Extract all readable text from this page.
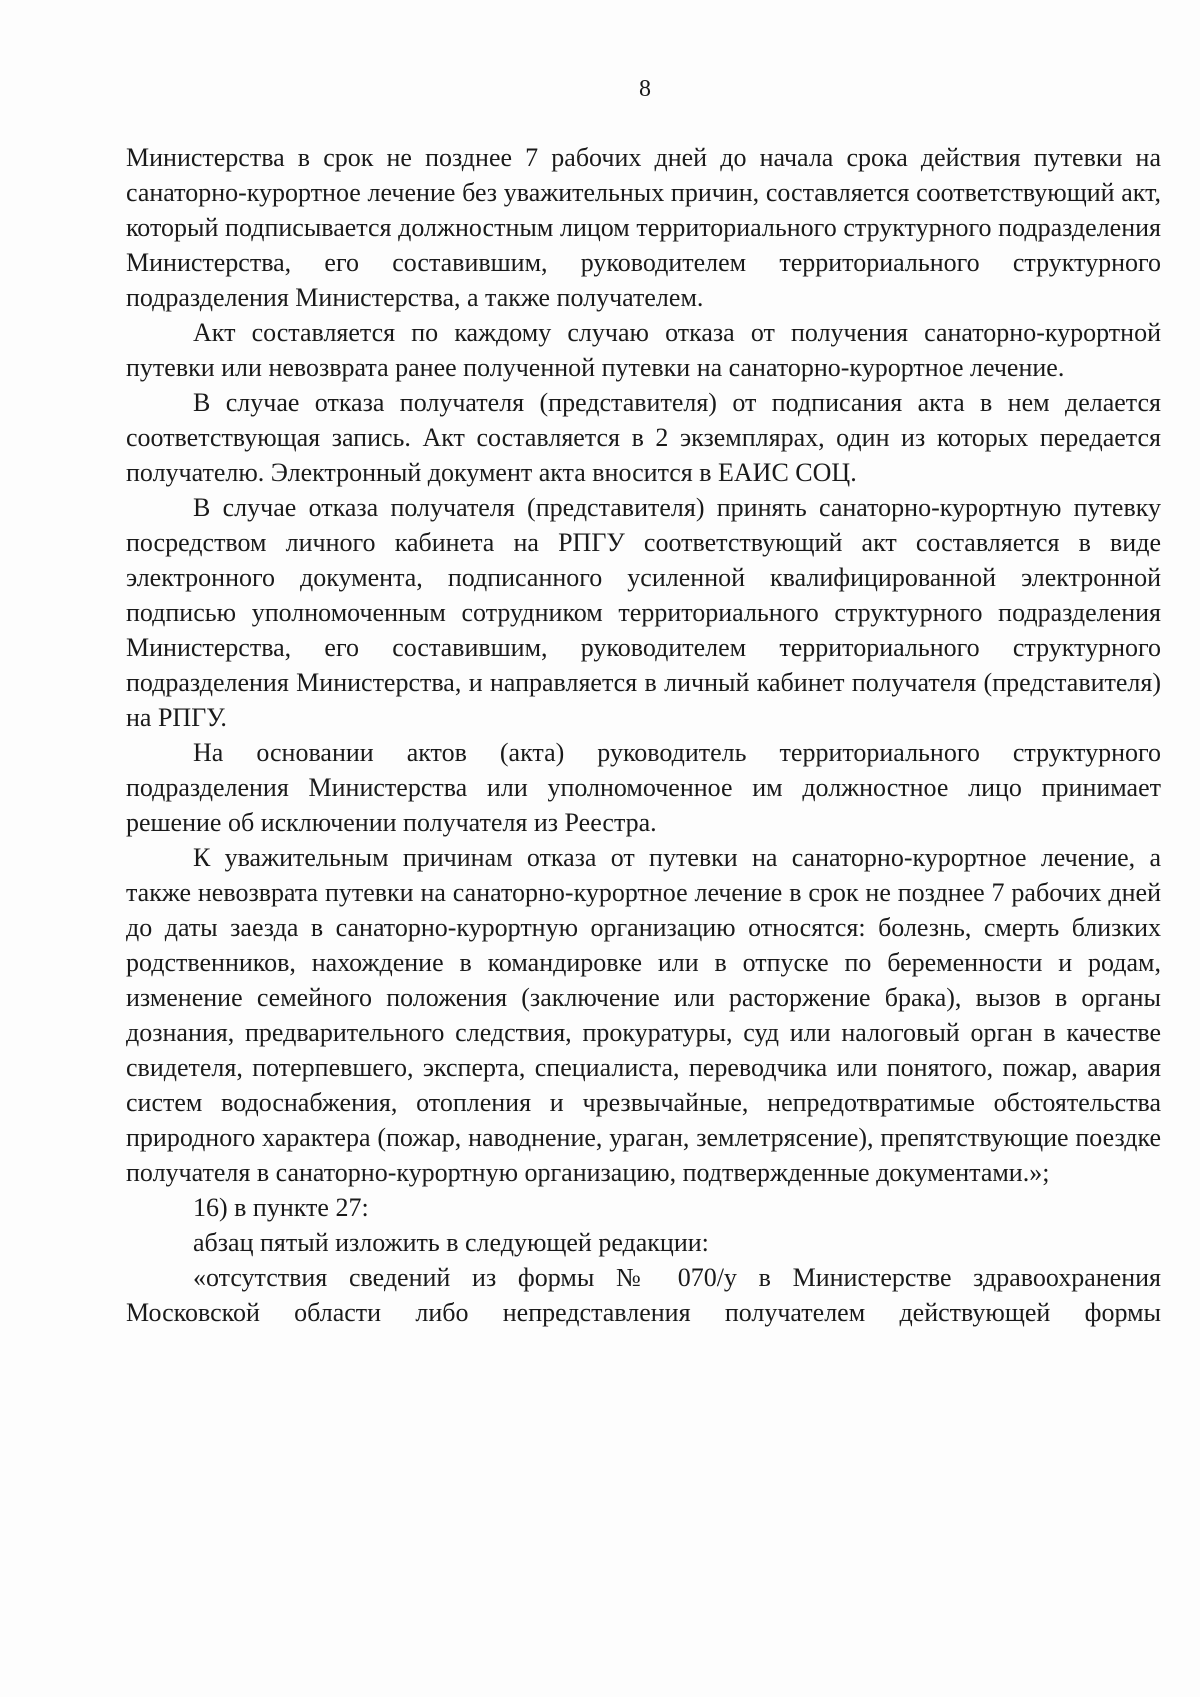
8

Министерства в срок не позднее 7 рабочих дней до начала срока действия путевки на санаторно-курортное лечение без уважительных причин, составляется соответствующий акт, который подписывается должностным лицом территориального структурного подразделения Министерства, его составившим, руководителем территориального структурного подразделения Министерства, а также получателем.

Акт составляется по каждому случаю отказа от получения санаторно-курортной путевки или невозврата ранее полученной путевки на санаторно-курортное лечение.

В случае отказа получателя (представителя) от подписания акта в нем делается соответствующая запись. Акт составляется в 2 экземплярах, один из которых передается получателю. Электронный документ акта вносится в ЕАИС СОЦ.

В случае отказа получателя (представителя) принять санаторно-курортную путевку посредством личного кабинета на РПГУ соответствующий акт составляется в виде электронного документа, подписанного усиленной квалифицированной электронной подписью уполномоченным сотрудником территориального структурного подразделения Министерства, его составившим, руководителем территориального структурного подразделения Министерства, и направляется в личный кабинет получателя (представителя) на РПГУ.

На основании актов (акта) руководитель территориального структурного подразделения Министерства или уполномоченное им должностное лицо принимает решение об исключении получателя из Реестра.

К уважительным причинам отказа от путевки на санаторно-курортное лечение, а также невозврата путевки на санаторно-курортное лечение в срок не позднее 7 рабочих дней до даты заезда в санаторно-курортную организацию относятся: болезнь, смерть близких родственников, нахождение в командировке или в отпуске по беременности и родам, изменение семейного положения (заключение или расторжение брака), вызов в органы дознания, предварительного следствия, прокуратуры, суд или налоговый орган в качестве свидетеля, потерпевшего, эксперта, специалиста, переводчика или понятого, пожар, авария систем водоснабжения, отопления и чрезвычайные, непредотвратимые обстоятельства природного характера (пожар, наводнение, ураган, землетрясение), препятствующие поездке получателя в санаторно-курортную организацию, подтвержденные документами.»;

16) в пункте 27:

абзац пятый изложить в следующей редакции:

«отсутствия сведений из формы № 070/у в Министерстве здравоохранения Московской области либо непредставления получателем действующей формы
